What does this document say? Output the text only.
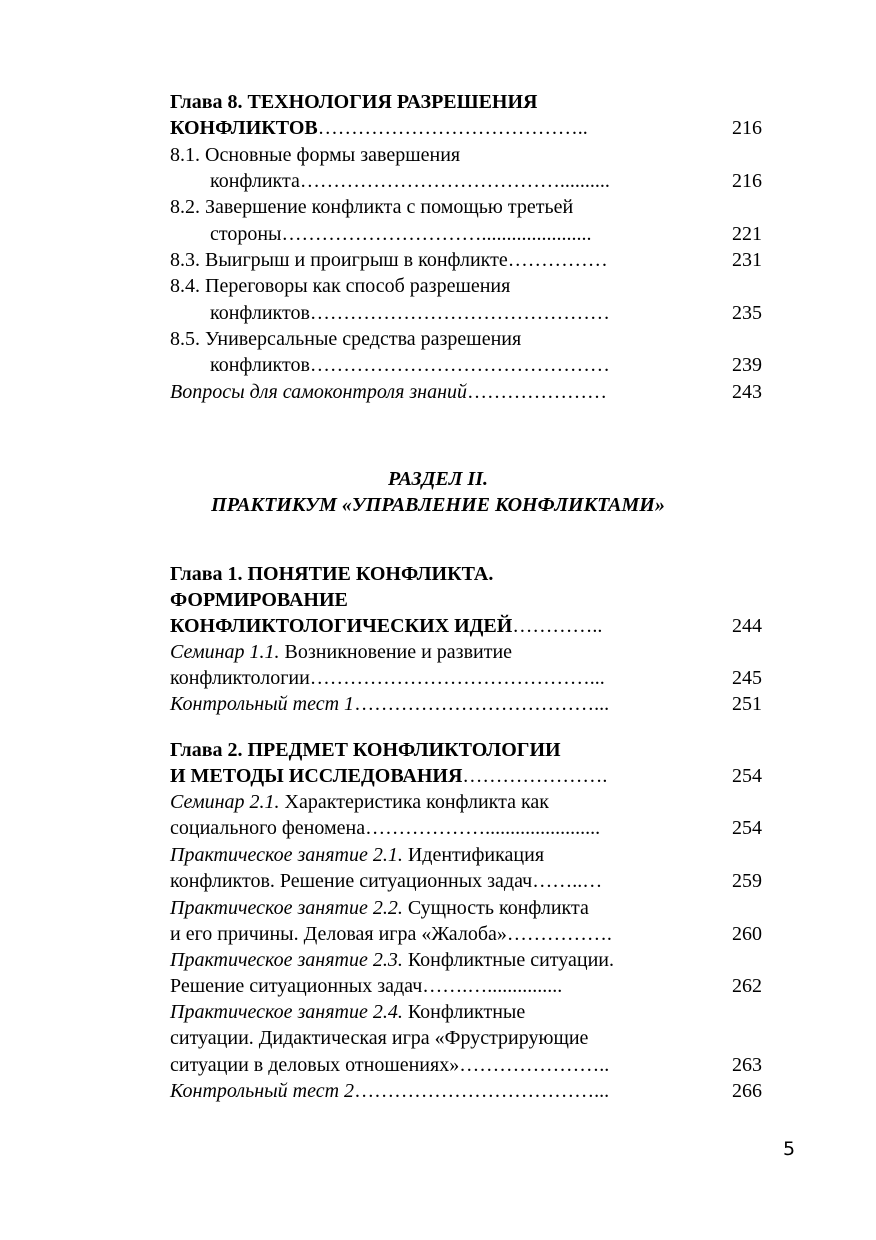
Глава 8. ТЕХНОЛОГИЯ РАЗРЕШЕНИЯ
КОНФЛИКТОВ…………………………………..	216
8.1. Основные формы завершения
конфликта…………………………………..........	216
8.2. Завершение конфликта с помощью третьей
стороны…………………………......................	221
8.3. Выигрыш и проигрыш в конфликте……………	231
8.4. Переговоры как способ разрешения
конфликтов………………………………………	235
8.5. Универсальные средства разрешения
конфликтов………………………………………	239
Вопросы для самоконтроля знаний…………………	243
РАЗДЕЛ II.
ПРАКТИКУМ «УПРАВЛЕНИЕ КОНФЛИКТАМИ»
Глава 1. ПОНЯТИЕ КОНФЛИКТА.
ФОРМИРОВАНИЕ
КОНФЛИКТОЛОГИЧЕСКИХ ИДЕЙ…………..	244
Семинар 1.1. Возникновение и развитие
конфликтологии……………………………………...	245
Контрольный тест 1………………………………...	251
Глава 2. ПРЕДМЕТ КОНФЛИКТОЛОГИИ
И МЕТОДЫ ИССЛЕДОВАНИЯ………………….	254
Семинар 2.1. Характеристика конфликта как
социального феномена……………….......................	254
Практическое занятие 2.1. Идентификация
конфликтов. Решение ситуационных задач……..…	259
Практическое занятие 2.2. Сущность конфликта
и его причины. Деловая игра «Жалоба»…………….	260
Практическое занятие 2.3. Конфликтные ситуации.
Решение ситуационных задач…….…...............	262
Практическое занятие 2.4. Конфликтные
ситуации. Дидактическая игра «Фрустрирующие
ситуации в деловых отношениях»…………………..	263
Контрольный тест 2………………………………...	266
5
